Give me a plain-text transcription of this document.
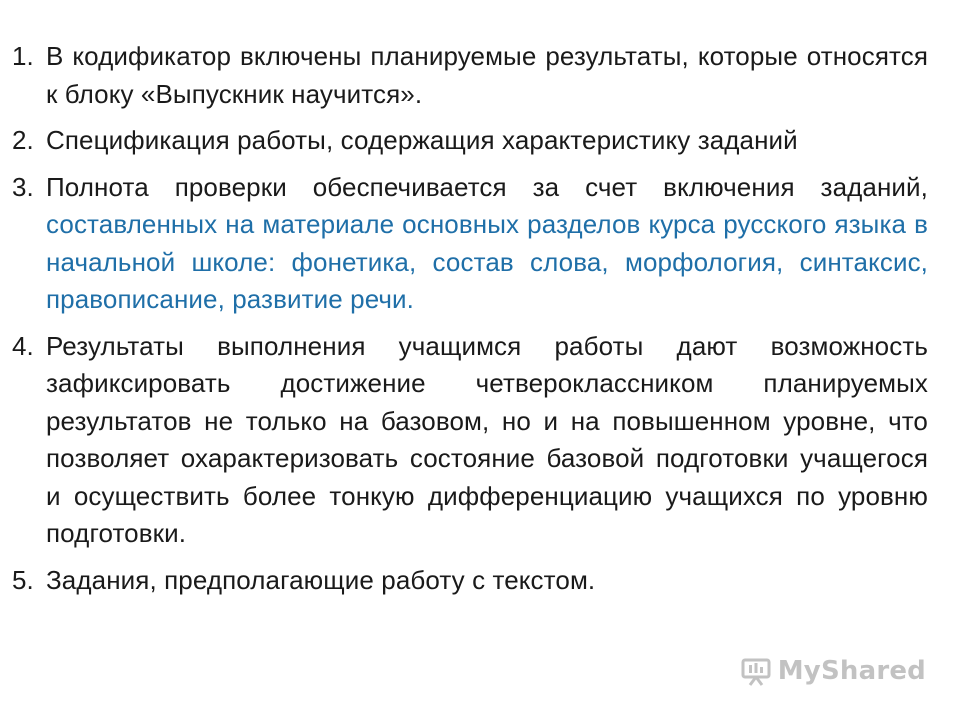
1. В кодификатор включены планируемые результаты, которые относятся к блоку «Выпускник научится».
2. Спецификация работы, содержащия характеристику заданий
3. Полнота проверки обеспечивается за счет включения заданий, составленных на материале основных разделов курса русского языка в начальной школе: фонетика, состав слова, морфология, синтаксис, правописание, развитие речи.
4. Результаты выполнения учащимся работы дают возможность зафиксировать достижение четвероклассником планируемых результатов не только на базовом, но и на повышенном уровне, что позволяет охарактеризовать состояние базовой подготовки учащегося и осуществить более тонкую дифференциацию учащихся по уровню подготовки.
5. Задания, предполагающие работу с текстом.
MyShared
